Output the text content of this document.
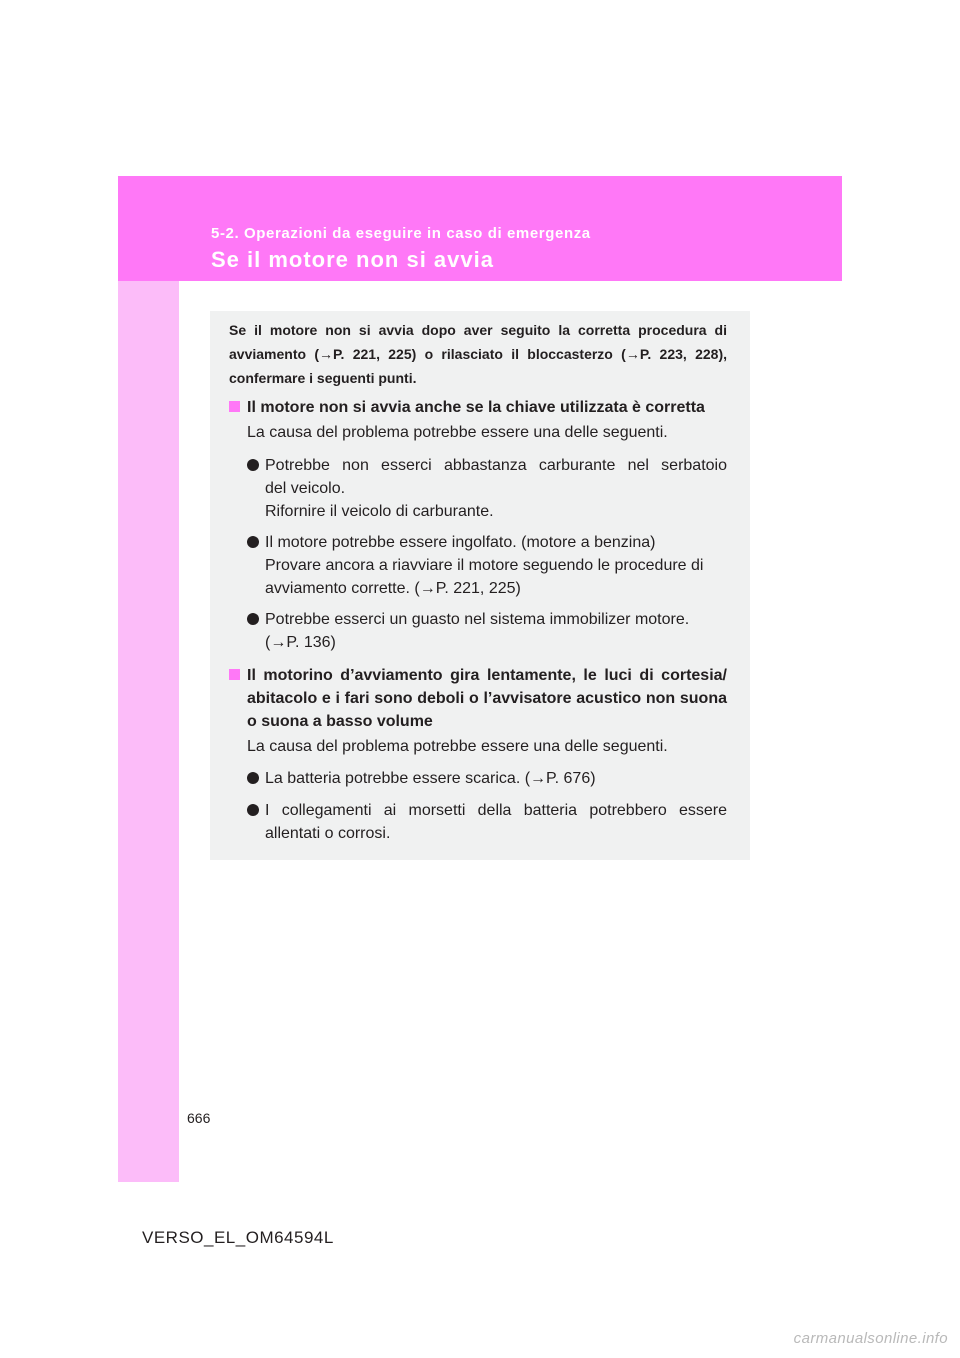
5-2. Operazioni da eseguire in caso di emergenza
Se il motore non si avvia
Se il motore non si avvia dopo aver seguito la corretta procedura di avviamento (→P. 221, 225) o rilasciato il bloccasterzo (→P. 223, 228), confermare i seguenti punti.
Il motore non si avvia anche se la chiave utilizzata è corretta
La causa del problema potrebbe essere una delle seguenti.
Potrebbe non esserci abbastanza carburante nel serbatoio
del veicolo.
Rifornire il veicolo di carburante.
Il motore potrebbe essere ingolfato. (motore a benzina)
Provare ancora a riavviare il motore seguendo le procedure di
avviamento corrette. (→P. 221, 225)
Potrebbe esserci un guasto nel sistema immobilizer motore.
(→P. 136)
Il motorino d’avviamento gira lentamente, le luci di cortesia/ abitacolo e i fari sono deboli o l’avvisatore acustico non suona o suona a basso volume
La causa del problema potrebbe essere una delle seguenti.
La batteria potrebbe essere scarica. (→P. 676)
I collegamenti ai morsetti della batteria potrebbero essere
allentati o corrosi.
666
VERSO_EL_OM64594L
carmanualsonline.info
